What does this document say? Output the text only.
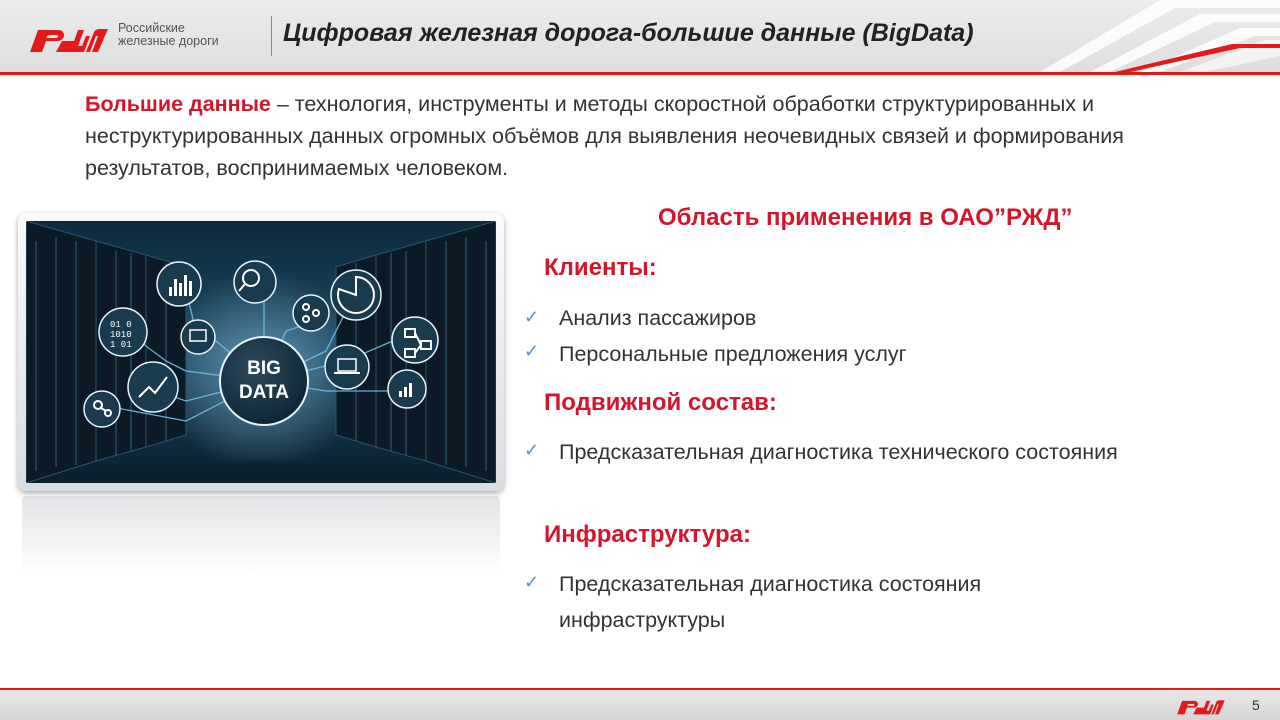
Российские
железные дороги	Цифровая железная дорога-большие данные (BigData)
Большие данные – технология, инструменты и методы скоростной обработки структурированных и неструктурированных данных огромных объёмов для выявления неочевидных связей и формирования результатов, воспринимаемых человеком.
BIG
DATA
01 0
1010
1 01
Область применения в ОАО”РЖД”
Клиенты:
✓ Анализ пассажиров
✓ Персональные предложения услуг
Подвижной состав:
✓ Предсказательная диагностика технического состояния
Инфраструктура:
✓ Предсказательная диагностика состояния инфраструктуры
5
